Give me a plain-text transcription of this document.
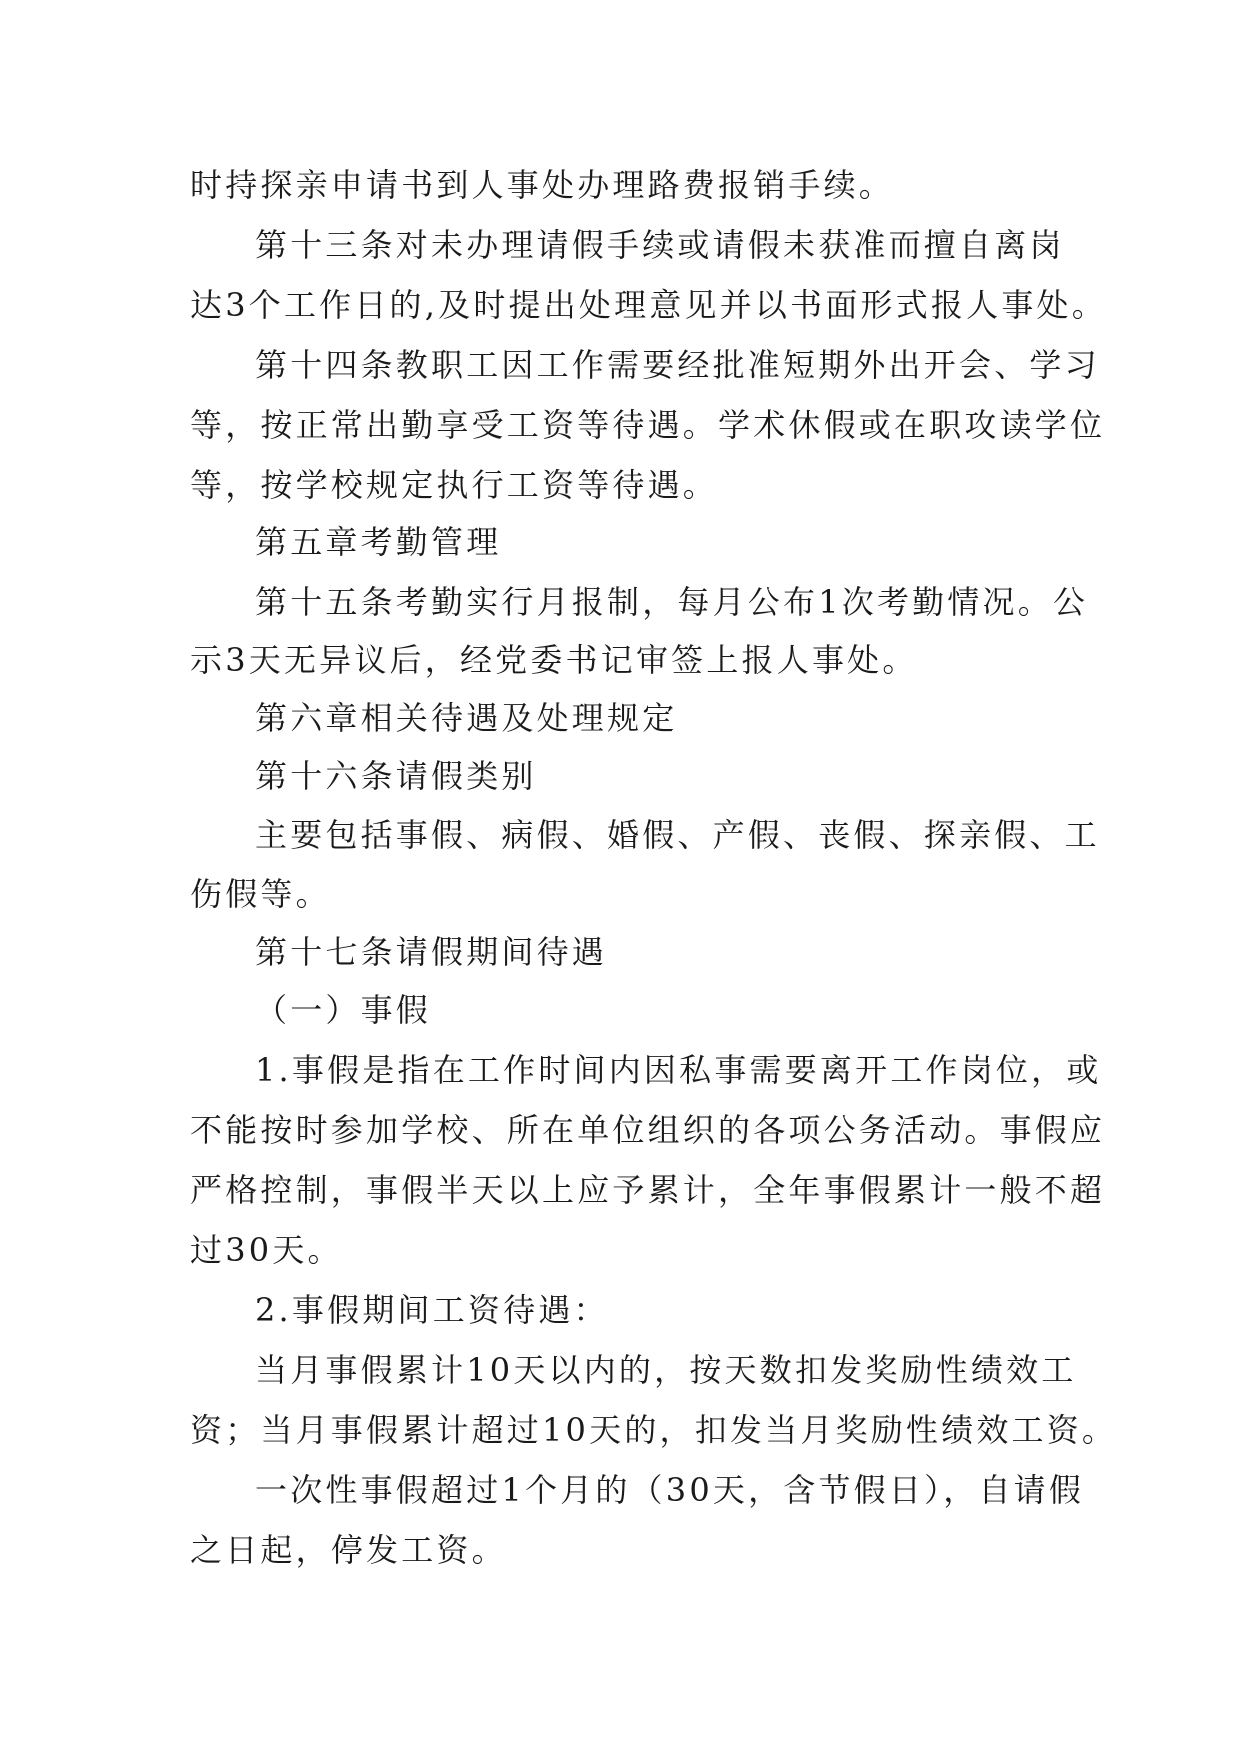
时持探亲申请书到人事处办理路费报销手续。
第十三条对未办理请假手续或请假未获准而擅自离岗
达3个工作日的,及时提出处理意见并以书面形式报人事处。
第十四条教职工因工作需要经批准短期外出开会、学习
等，按正常出勤享受工资等待遇。学术休假或在职攻读学位
等，按学校规定执行工资等待遇。
第五章考勤管理
第十五条考勤实行月报制，每月公布1次考勤情况。公
示3天无异议后，经党委书记审签上报人事处。
第六章相关待遇及处理规定
第十六条请假类别
主要包括事假、病假、婚假、产假、丧假、探亲假、工
伤假等。
第十七条请假期间待遇
（一）事假
1.事假是指在工作时间内因私事需要离开工作岗位，或
不能按时参加学校、所在单位组织的各项公务活动。事假应
严格控制，事假半天以上应予累计，全年事假累计一般不超
过30天。
2.事假期间工资待遇：
当月事假累计10天以内的，按天数扣发奖励性绩效工
资；当月事假累计超过10天的，扣发当月奖励性绩效工资。
一次性事假超过1个月的（30天，含节假日），自请假
之日起，停发工资。
